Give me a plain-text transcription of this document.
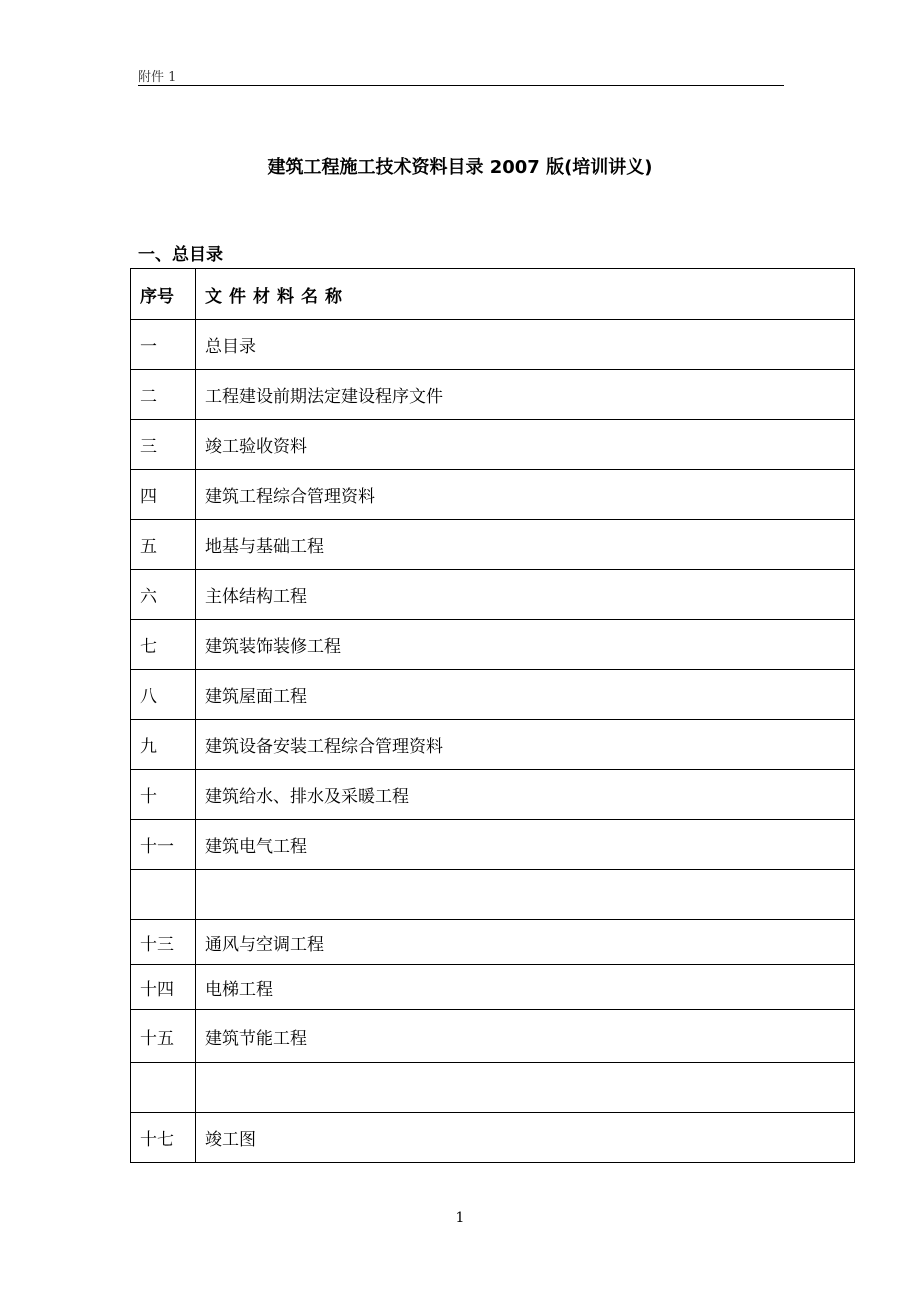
附件 1
建筑工程施工技术资料目录 2007 版(培训讲义)
一、总目录
序号	文件材料名称
一	总目录
二	工程建设前期法定建设程序文件
三	竣工验收资料
四	建筑工程综合管理资料
五	地基与基础工程
六	主体结构工程
七	建筑装饰装修工程
八	建筑屋面工程
九	建筑设备安装工程综合管理资料
十	建筑给水、排水及采暖工程
十一	建筑电气工程

十三	通风与空调工程
十四	电梯工程
十五	建筑节能工程

十七	竣工图
1
